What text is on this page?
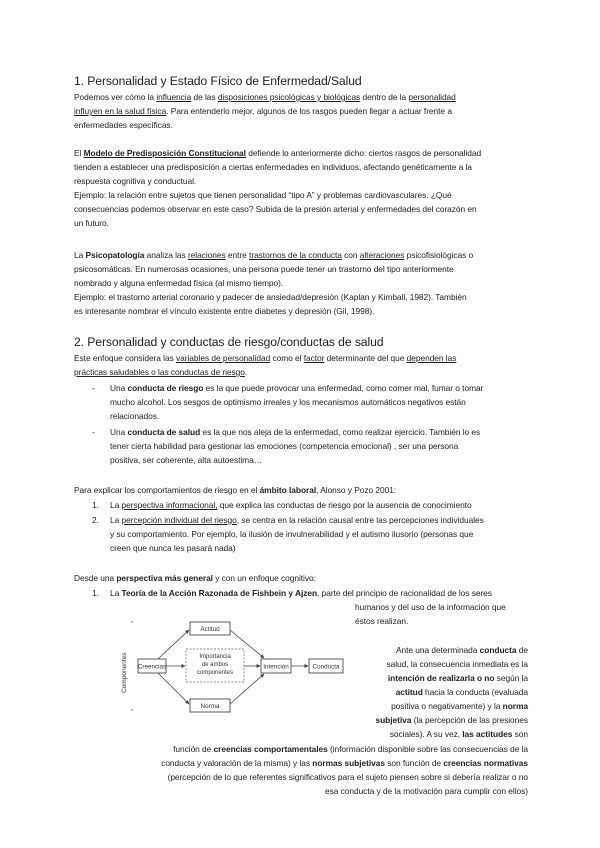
1. Personalidad y Estado Físico de Enfermedad/Salud
Podemos ver cómo la influencia de las disposiciones psicológicas y biológicas dentro de la personalidad
influyen en la salud física. Para entenderlo mejor, algunos de los rasgos pueden llegar a actuar frente a
enfermedades específicas.
El Modelo de Predisposición Constitucional defiende lo anteriormente dicho: ciertos rasgos de personalidad
tienden a establecer una predisposición a ciertas enfermedades en individuos, afectando genéticamente a la
respuesta cognitiva y conductual.
Ejemplo: la relación entre sujetos que tienen personalidad “tipo A” y problemas cardiovasculares. ¿Qué
consecuencias podemos observar en este caso? Subida de la presión arterial y enfermedades del corazón en
un futuro.
La Psicopatología analiza las relaciones entre trastornos de la conducta con alteraciones psicofisiológicas o
psicosomáticas. En numerosas ocasiones, una persona puede tener un trastorno del tipo anteriormente
nombrado y alguna enfermedad física (al mismo tiempo).
Ejemplo: el trastorno arterial coronario y padecer de ansiedad/depresión (Kaplan y Kimball, 1982). También
es interesante nombrar el vínculo existente entre diabetes y depresión (Gil, 1998).
2. Personalidad y conductas de riesgo/conductas de salud
Este enfoque considera las variables de personalidad como el factor determinante del que dependen las
prácticas saludables o las conductas de riesgo.
- Una conducta de riesgo es la que puede provocar una enfermedad, como comer mal, fumar o tomar
mucho alcohol. Los sesgos de optimismo irreales y los mecanismos automáticos negativos están
relacionados.
- Una conducta de salud es la que nos aleja de la enfermedad, como realizar ejercicio. También lo es
tener cierta habilidad para gestionar las emociones (competencia emocional) , ser una persona
positiva, ser coherente, alta autoestima…
Para explicar los comportamientos de riesgo en el ámbito laboral, Alonso y Pozo 2001:
1. La perspectiva informacional, que explica las conductas de riesgo por la ausencia de conocimiento
2. La percepción individual del riesgo, se centra en la relación causal entre las percepciones individuales
y su comportamiento. Por ejemplo, la ilusión de invulnerabilidad y el autismo ilusorio (personas que
creen que nunca les pasará nada)
Desde una perspectiva más general y con un enfoque cognitivo:
1. La Teoría de la Acción Razonada de Fishbein y Ajzen, parte del principio de racionalidad de los seres
humanos y del uso de la información que
éstos realizan.
Ante una determinada conducta de
salud, la consecuencia inmediata es la
intención de realizarla o no según la
actitud hacia la conducta (evaluada
positiva o negativamente) y la norma
subjetiva (la percepción de las presiones
sociales). A su vez, las actitudes son
función de creencias comportamentales (información disponible sobre las consecuencias de la
conducta y valoración de la misma) y las normas subjetivas son función de creencias normativas
(percepción de lo que referentes significativos para el sujeto piensen sobre si debería realizar o no
esa conducta y de la motivación para cumplir con ellos)
Componentes Creencias
Importancia
de ambos
componentes
Actitud
Norma
Intención	Conducta
